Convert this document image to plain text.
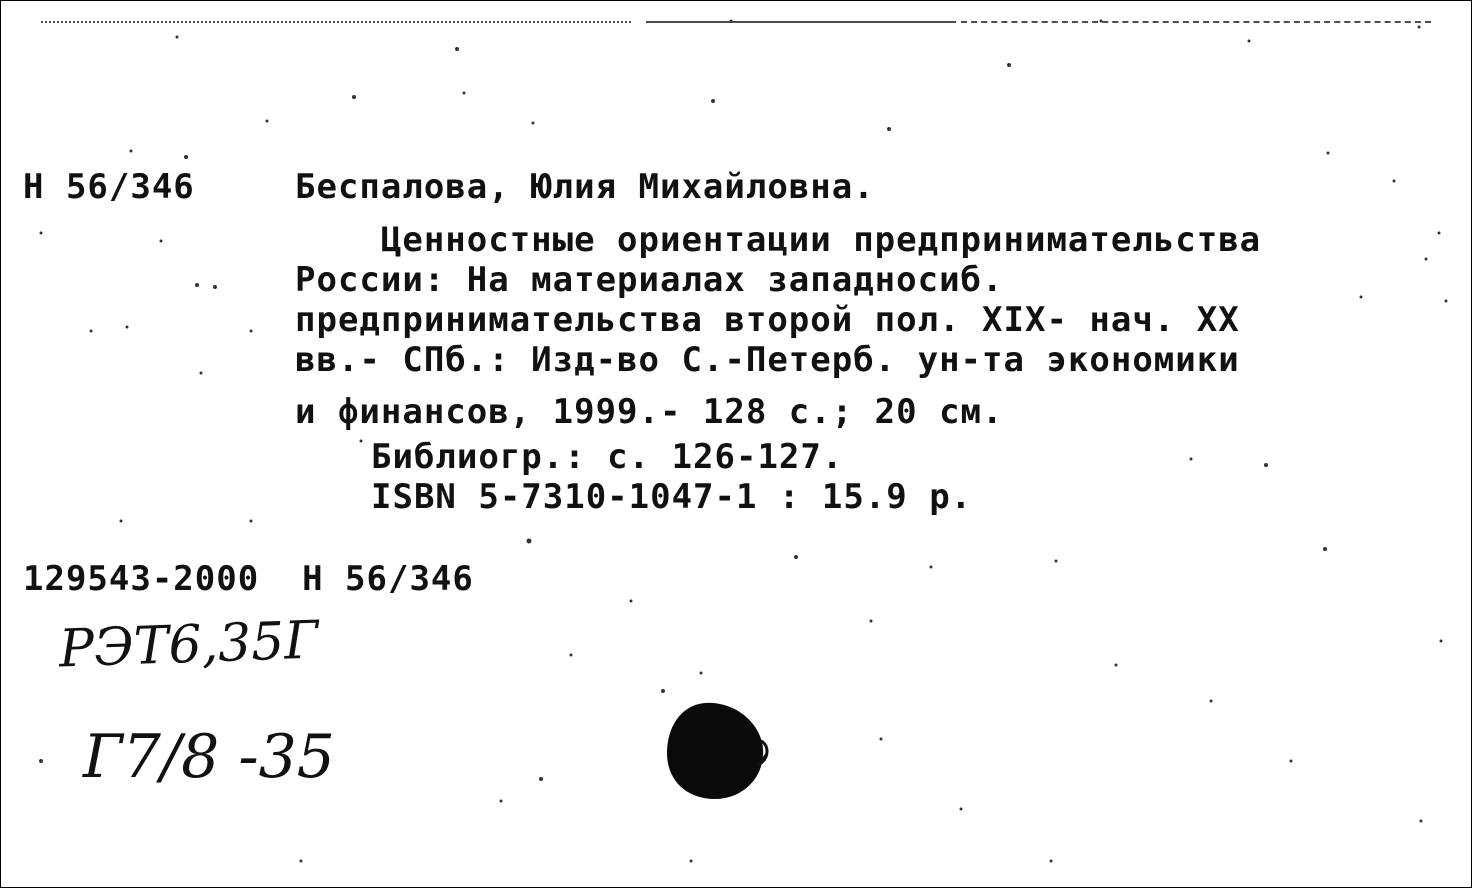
Н 56/346	Беспалова, Юлия Михайловна.
Ценностные ориентации предпринимательства
России: На материалах западносиб.
предпринимательства второй пол. XIX- нач. XX
вв.- СПб.: Изд-во С.-Петерб. ун-та экономики
и финансов, 1999.- 128 с.; 20 см.
Библиогр.: с. 126-127.
ISBN 5-7310-1047-1 : 15.9 р.
129543-2000  Н 56/346
РЭТ6,35Г
Г7/8 -35
